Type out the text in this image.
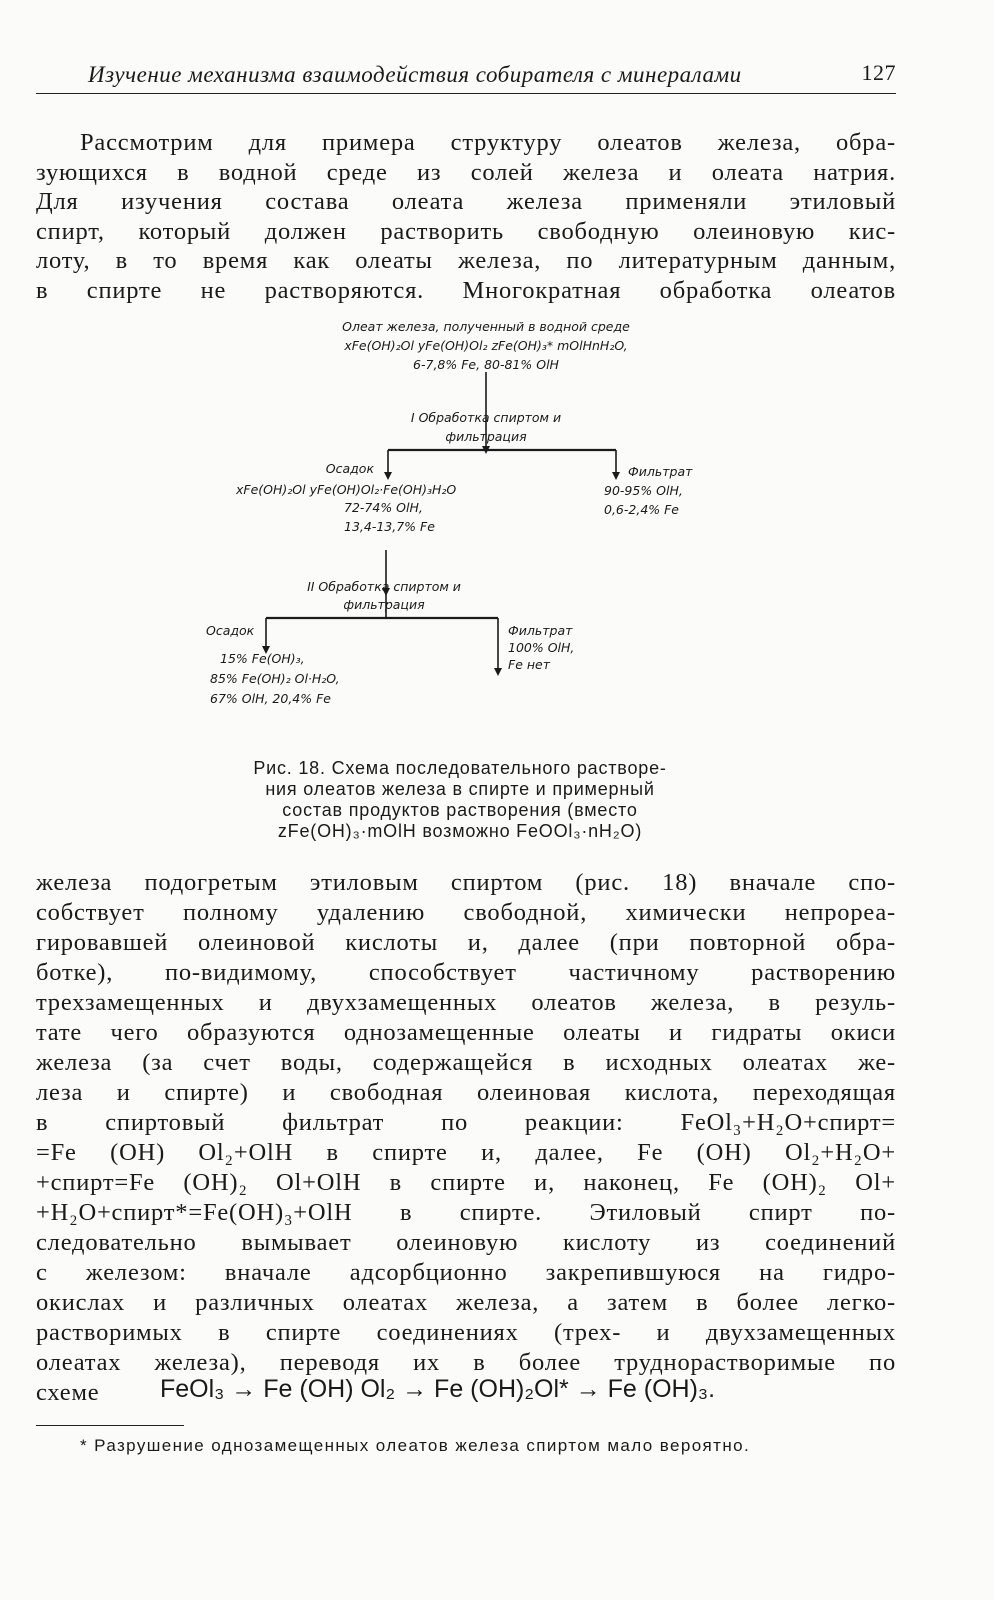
Изучение механизма взаимодействия собирателя с минералами	127
Рассмотрим для примера структуру олеатов железа, обра-
зующихся в водной среде из солей железа и олеата натрия.
Для изучения состава олеата железа применяли этиловый
спирт, который должен растворить свободную олеиновую кис-
лоту, в то время как олеаты железа, по литературным данным,
в спирте не растворяются. Многократная обработка олеатов
Олеат железа, полученный в водной среде
xFe(OH)₂Ol yFe(OH)Ol₂ zFe(OH)₃* mOlHnH₂O,
6-7,8% Fe, 80-81% OlH
I Обработка спиртом и
фильтрация
Осадок
xFe(OH)₂Ol yFe(OH)Ol₂·Fe(OH)₃H₂O
72-74% OlH,
13,4-13,7% Fe
Фильтрат
90-95% OlH,
0,6-2,4% Fe
II Обработка спиртом и
фильтрация
Осадок
15% Fe(OH)₃,
85% Fe(OH)₂ Ol·H₂O,
67% OlH, 20,4% Fe
Фильтрат
100% OlH,
Fe нет
Рис. 18. Схема последовательного растворе-
ния олеатов железа в спирте и примерный
состав продуктов растворения (вместо
zFe(OH)₃·mOlH возможно FeOOl₃·nH₂O)
железа подогретым этиловым спиртом (рис. 18) вначале спо-
собствует полному удалению свободной, химически непрореа-
гировавшей олеиновой кислоты и, далее (при повторной обра-
ботке), по-видимому, способствует частичному растворению
трехзамещенных и двухзамещенных олеатов железа, в резуль-
тате чего образуются однозамещенные олеаты и гидраты окиси
железа (за счет воды, содержащейся в исходных олеатах же-
леза и спирте) и свободная олеиновая кислота, переходящая
в спиртовый фильтрат по реакции: FeOl₃+H₂O+спирт=
=Fe (OH) Ol₂+OlH в спирте и, далее, Fe (OH) Ol₂+H₂O+
+спирт=Fe (OH)₂ Ol+OlH в спирте и, наконец, Fe (OH)₂ Ol+
+H₂O+спирт*=Fe(OH)₃+OlH в спирте. Этиловый спирт по-
следовательно вымывает олеиновую кислоту из соединений
с железом: вначале адсорбционно закрепившуюся на гидро-
окислах и различных олеатах железа, а затем в более легко-
растворимых в спирте соединениях (трех- и двухзамещенных
олеатах железа), переводя их в более труднорастворимые по
схеме	FeOl₃ → Fe (OH) Ol₂ → Fe (OH)₂Ol* → Fe (OH)₃.
* Разрушение однозамещенных олеатов железа спиртом мало вероятно.
